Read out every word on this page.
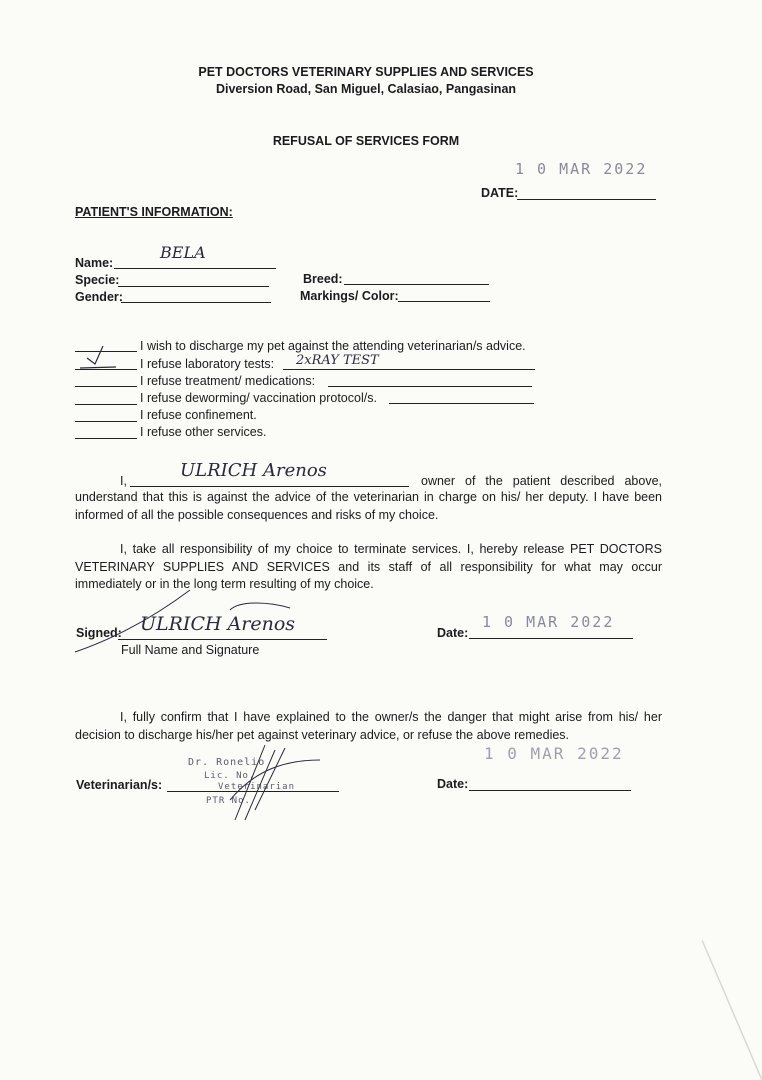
PET DOCTORS VETERINARY SUPPLIES AND SERVICES
Diversion Road, San Miguel, Calasiao, Pangasinan
REFUSAL OF SERVICES FORM
1 0 MAR 2022
DATE:
PATIENT'S INFORMATION:
BELA
Name:
Specie:
Gender:
Breed:
Markings/ Color:
I wish to discharge my pet against the attending veterinarian/s advice.
I refuse laboratory tests: 2xRAY TEST
I refuse treatment/ medications:
I refuse deworming/ vaccination protocol/s.
I refuse confinement.
I refuse other services.
I,	ULRICH Arenos	owner of the patient described above,
understand that this is against the advice of the veterinarian in charge on his/ her deputy. I have been informed of all the possible consequences and risks of my choice.
I, take all responsibility of my choice to terminate services. I, hereby release PET DOCTORS VETERINARY SUPPLIES AND SERVICES and its staff of all responsibility for what may occur immediately or in the long term resulting of my choice.
Signed: ULRICH Arenos
Full Name and Signature
Date:
1 0 MAR 2022
I, fully confirm that I have explained to the owner/s the danger that might arise from his/ her decision to discharge his/her pet against veterinary advice, or refuse the above remedies.
Veterinarian/s:
Dr. Ronelio
Lic. No.
Veterinarian
PTR No.
1 0 MAR 2022
Date:
